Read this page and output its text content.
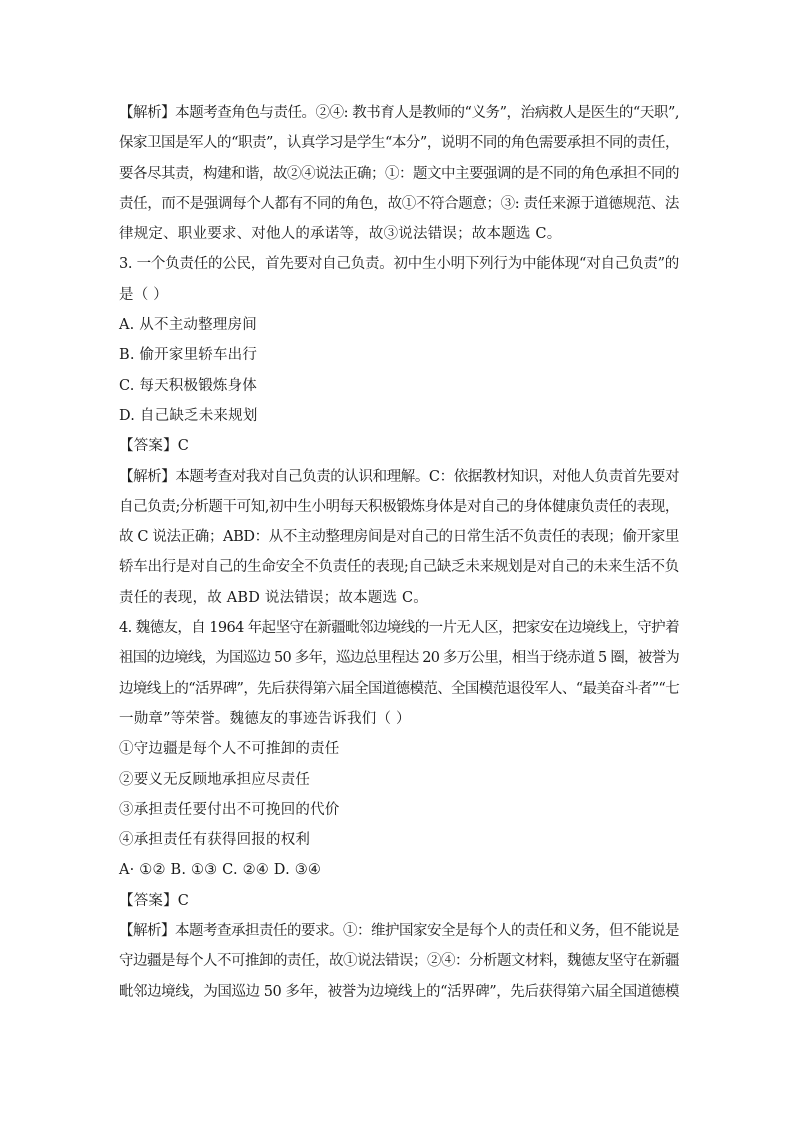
【解析】本题考查角色与责任。②④: 教书育人是教师的“义务”，治病救人是医生的“天职”,
保家卫国是军人的“职责”，认真学习是学生“本分”，说明不同的角色需要承担不同的责任，
要各尽其责，构建和谐，故②④说法正确；①：题文中主要强调的是不同的角色承担不同的
责任，而不是强调每个人都有不同的角色，故①不符合题意；③: 责任来源于道德规范、法
律规定、职业要求、对他人的承诺等，故③说法错误；故本题选 C。
3. 一个负责任的公民，首先要对自己负责。初中生小明下列行为中能体现“对自己负责”的
是（ ）
A. 从不主动整理房间
B. 偷开家里轿车出行
C. 每天积极锻炼身体
D. 自己缺乏未来规划
【答案】C
【解析】本题考查对我对自己负责的认识和理解。C：依据教材知识，对他人负责首先要对
自己负责;分析题干可知,初中生小明每天积极锻炼身体是对自己的身体健康负责任的表现，
故 C 说法正确；ABD：从不主动整理房间是对自己的日常生活不负责任的表现；偷开家里
轿车出行是对自己的生命安全不负责任的表现;自己缺乏未来规划是对自己的未来生活不负
责任的表现，故 ABD 说法错误；故本题选 C。
4. 魏德友，自 1964 年起坚守在新疆毗邻边境线的一片无人区，把家安在边境线上，守护着
祖国的边境线，为国巡边 50 多年，巡边总里程达 20 多万公里，相当于绕赤道 5 圈，被誉为
边境线上的“活界碑”，先后获得第六届全国道德模范、全国模范退役军人、“最美奋斗者”“七
一勋章”等荣誉。魏德友的事迹告诉我们（ ）
①守边疆是每个人不可推卸的责任
②要义无反顾地承担应尽责任
③承担责任要付出不可挽回的代价
④承担责任有获得回报的权利
A· ①② B. ①③ C. ②④ D. ③④
【答案】C
【解析】本题考查承担责任的要求。①：维护国家安全是每个人的责任和义务，但不能说是
守边疆是每个人不可推卸的责任，故①说法错误；②④：分析题文材料，魏德友坚守在新疆
毗邻边境线，为国巡边 50 多年，被誉为边境线上的“活界碑”，先后获得第六届全国道德模
